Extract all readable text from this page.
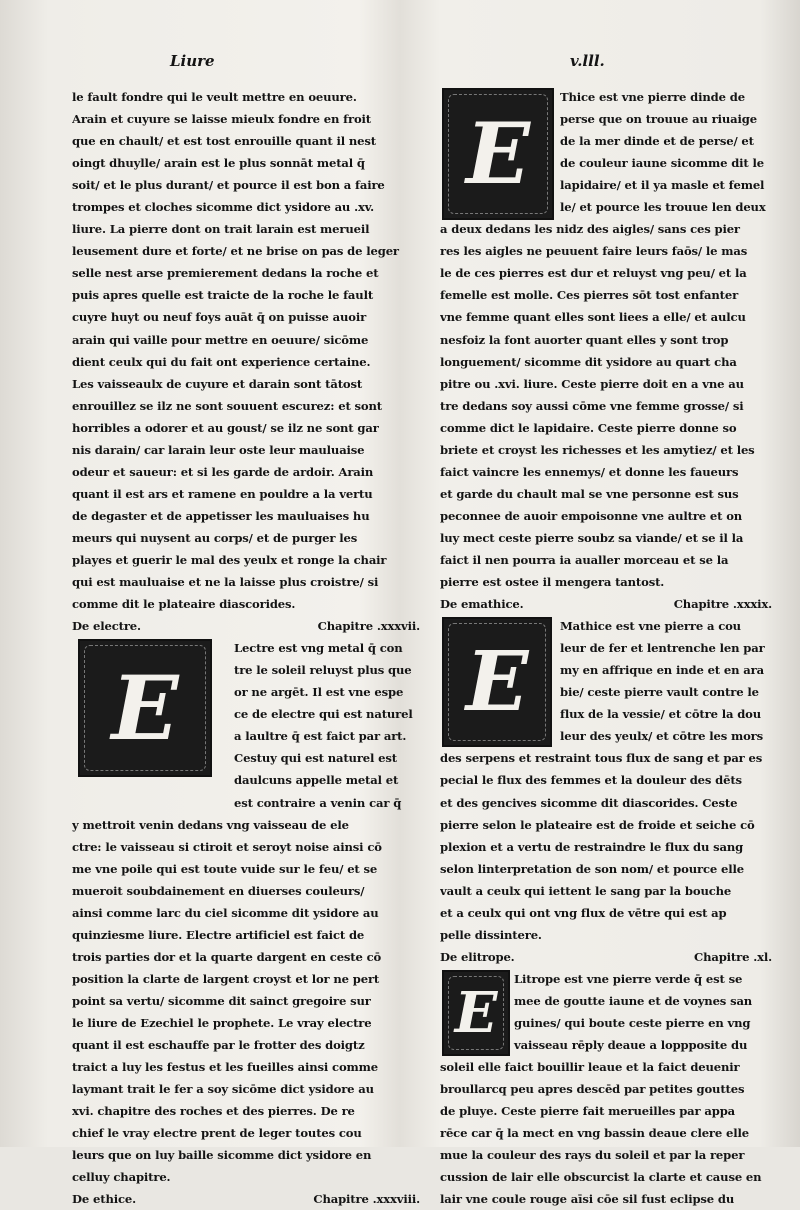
Liure	v.lll.
le fault fondre qui le veult mettre en oeuure.
Arain et cuyure se laisse mieulx fondre en froit
que en chault/ et est tost enrouille quant il nest
oingt dhuylle/ arain est le plus sonnāt metal q̄
soit/ et le plus durant/ et pource il est bon a faire
trompes et cloches sicomme dict ysidore au .xv.
liure. La pierre dont on trait larain est merueil
leusement dure et forte/ et ne brise on pas de leger
selle nest arse premierement dedans la roche et
puis apres quelle est traicte de la roche le fault
cuyre huyt ou neuf foys auāt q̄ on puisse auoir
arain qui vaille pour mettre en oeuure/ sicōme
dient ceulx qui du fait ont experience certaine.
Les vaisseaulx de cuyure et darain sont tātost
enrouillez se ilz ne sont souuent escurez: et sont
horribles a odorer et au goust/ se ilz ne sont gar
nis darain/ car larain leur oste leur mauluaise
odeur et saueur: et si les garde de ardoir. Arain
quant il est ars et ramene en pouldre a la vertu
de degaster et de appetisser les mauluaises hu
meurs qui nuysent au corps/ et de purger les
playes et guerir le mal des yeulx et ronge la chair
qui est mauluaise et ne la laisse plus croistre/ si
comme dit le plateaire diascorides.
De electre.	Chapitre .xxxvii.
E
Lectre est vng metal q̄ con
tre le soleil reluyst plus que
or ne argēt. Il est vne espe
ce de electre qui est naturel
a laultre q̄ est faict par art.
Cestuy qui est naturel est
daulcuns appelle metal et
est contraire a venin car q̄
y mettroit venin dedans vng vaisseau de ele
ctre: le vaisseau si ctiroit et seroyt noise ainsi cō
me vne poile qui est toute vuide sur le feu/ et se
mueroit soubdainement en diuerses couleurs/
ainsi comme larc du ciel sicomme dit ysidore au
quinziesme liure. Electre artificiel est faict de
trois parties dor et la quarte dargent en ceste cō
position la clarte de largent croyst et lor ne pert
point sa vertu/ sicomme dit sainct gregoire sur
le liure de Ezechiel le prophete. Le vray electre
quant il est eschauffe par le frotter des doigtz
traict a luy les festus et les fueilles ainsi comme
laymant trait le fer a soy sicōme dict ysidore au
xvi. chapitre des roches et des pierres. De re
chief le vray electre prent de leger toutes cou
leurs que on luy baille sicomme dict ysidore en
celluy chapitre.
De ethice.	Chapitre .xxxviii.
E
Thice est vne pierre dinde de
perse que on trouue au riuaige
de la mer dinde et de perse/ et
de couleur iaune sicomme dit le
lapidaire/ et il ya masle et femel
le/ et pource les trouue len deux
a deux dedans les nidz des aigles/ sans ces pier
res les aigles ne peuuent faire leurs faōs/ le mas
le de ces pierres est dur et reluyst vng peu/ et la
femelle est molle. Ces pierres sōt tost enfanter
vne femme quant elles sont liees a elle/ et aulcu
nesfoiz la font auorter quant elles y sont trop
longuement/ sicomme dit ysidore au quart cha
pitre ou .xvi. liure. Ceste pierre doit en a vne au
tre dedans soy aussi cōme vne femme grosse/ si
comme dict le lapidaire. Ceste pierre donne so
briete et croyst les richesses et les amytiez/ et les
faict vaincre les ennemys/ et donne les faueurs
et garde du chault mal se vne personne est sus
peconnee de auoir empoisonne vne aultre et on
luy mect ceste pierre soubz sa viande/ et se il la
faict il nen pourra ia aualler morceau et se la
pierre est ostee il mengera tantost.
De emathice.	Chapitre .xxxix.
E
Mathice est vne pierre a cou
leur de fer et lentrenche len par
my en affrique en inde et en ara
bie/ ceste pierre vault contre le
flux de la vessie/ et cōtre la dou
leur des yeulx/ et cōtre les mors
des serpens et restraint tous flux de sang et par es
pecial le flux des femmes et la douleur des dēts
et des gencives sicomme dit diascorides. Ceste
pierre selon le plateaire est de froide et seiche cō
plexion et a vertu de restraindre le flux du sang
selon linterpretation de son nom/ et pource elle
vault a ceulx qui iettent le sang par la bouche
et a ceulx qui ont vng flux de vētre qui est ap
pelle dissintere.
De elitrope.	Chapitre .xl.
E
Litrope est vne pierre verde q̄ est se
mee de goutte iaune et de voynes san
guines/ qui boute ceste pierre en vng
vaisseau rēply deaue a loppposite du
soleil elle faict bouillir leaue et la faict deuenir
broullarcq peu apres descēd par petites gouttes
de pluye. Ceste pierre fait merueilles par appa
rēce car q̄ la mect en vng bassin deaue clere elle
mue la couleur des rays du soleil et par la reper
cussion de lair elle obscurcist la clarte et cause en
lair vne coule rouge aīsi cōe sil fust eclipse du
